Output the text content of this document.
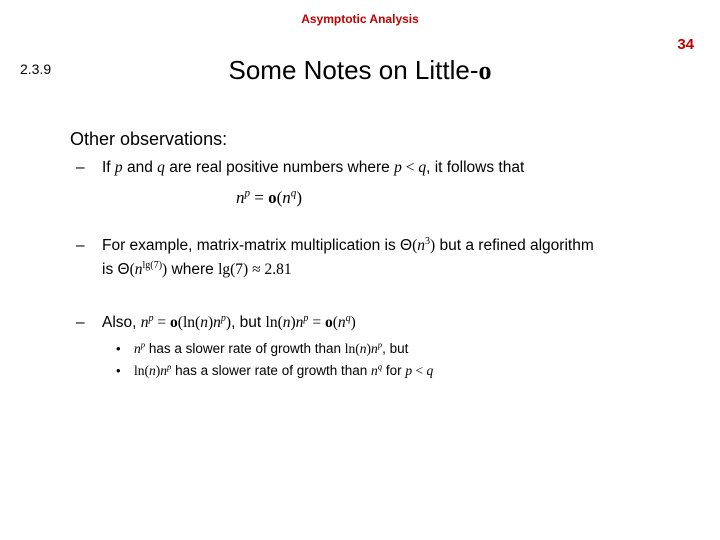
Asymptotic Analysis
34
2.3.9	Some Notes on Little-o
Other observations:
– If p and q are real positive numbers where p < q, it follows that
$n^p = o(n^q)$
– For example, matrix-matrix multiplication is $\Theta(n^3)$ but a refined algorithm
is $\Theta(n^{lg(7)})$ where lg(7) ≈ 2.81
– Also, $n^p = o(\ln(n)n^p)$, but $\ln(n)n^p = o(n^q)$
• $n^p$ has a slower rate of growth than $\ln(n)n^p$, but
• $\ln(n)n^p$ has a slower rate of growth than $n^q$ for p < q
